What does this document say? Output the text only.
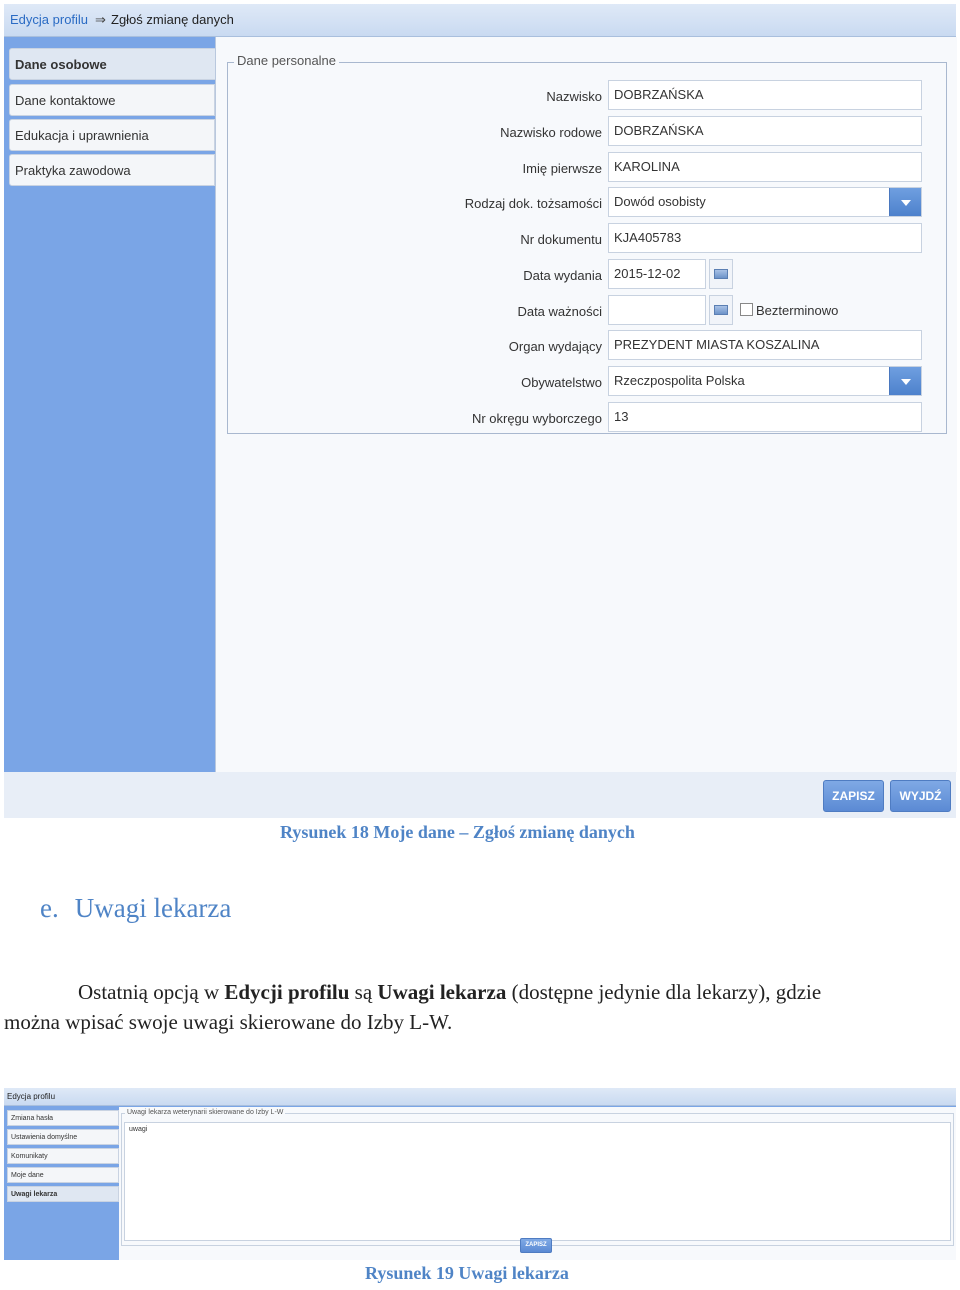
Edycja profilu ⇒ Zgłoś zmianę danych
Dane osobowe
Dane kontaktowe
Edukacja i uprawnienia
Praktyka zawodowa
Dane personalne
Nazwisko DOBRZAŃSKA
Nazwisko rodowe DOBRZAŃSKA
Imię pierwsze KAROLINA
Rodzaj dok. tożsamości Dowód osobisty
Nr dokumentu KJA405783
Data wydania 2015-12-02
Data ważności	Bezterminowo
Organ wydający PREZYDENT MIASTA KOSZALINA
Obywatelstwo Rzeczpospolita Polska
Nr okręgu wyborczego 13
ZAPISZ	WYJDŹ
Rysunek 18 Moje dane – Zgłoś zmianę danych
e. Uwagi lekarza
Ostatnią opcją w Edycji profilu są Uwagi lekarza (dostępne jedynie dla lekarzy), gdzie
można wpisać swoje uwagi skierowane do Izby L-W.
Edycja profilu
Zmiana hasła
Ustawienia domyślne
Komunikaty
Moje dane
Uwagi lekarza
Uwagi lekarza weterynarii skierowane do Izby L-W
uwagi
ZAPISZ
Rysunek 19 Uwagi lekarza
